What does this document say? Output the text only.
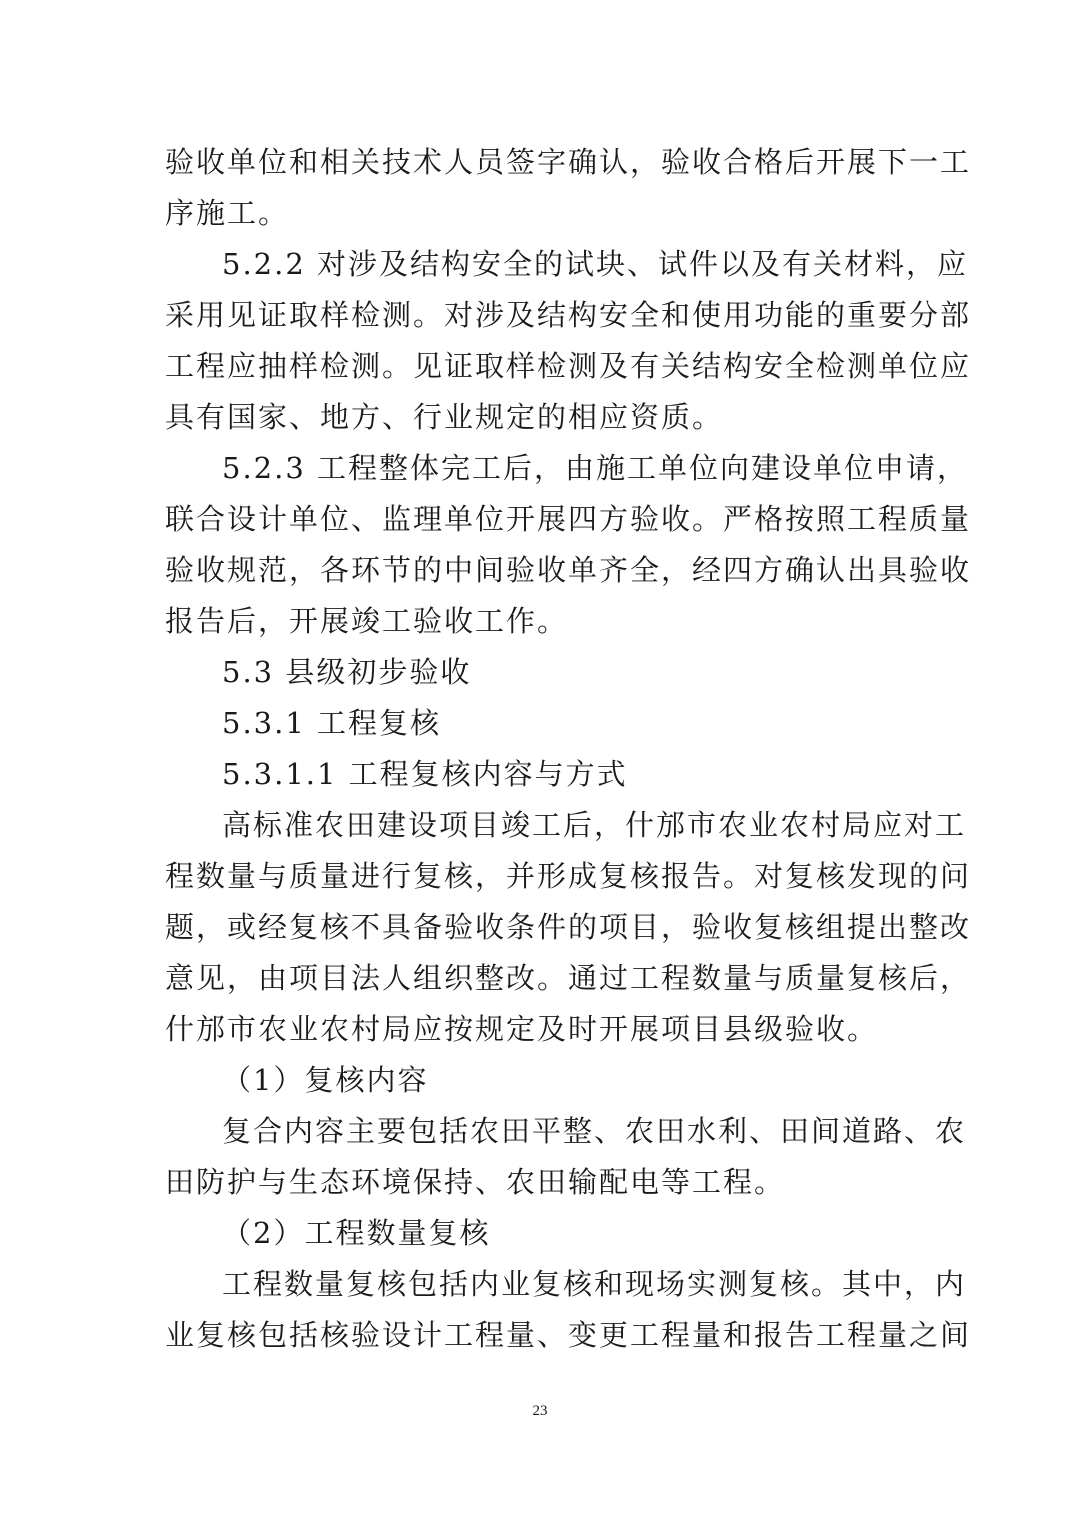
验收单位和相关技术人员签字确认，验收合格后开展下一工
序施工。
5.2.2 对涉及结构安全的试块、试件以及有关材料，应
采用见证取样检测。对涉及结构安全和使用功能的重要分部
工程应抽样检测。见证取样检测及有关结构安全检测单位应
具有国家、地方、行业规定的相应资质。
5.2.3 工程整体完工后，由施工单位向建设单位申请，
联合设计单位、监理单位开展四方验收。严格按照工程质量
验收规范，各环节的中间验收单齐全，经四方确认出具验收
报告后，开展竣工验收工作。
5.3 县级初步验收
5.3.1 工程复核
5.3.1.1 工程复核内容与方式
高标准农田建设项目竣工后，什邡市农业农村局应对工
程数量与质量进行复核，并形成复核报告。对复核发现的问
题，或经复核不具备验收条件的项目，验收复核组提出整改
意见，由项目法人组织整改。通过工程数量与质量复核后，
什邡市农业农村局应按规定及时开展项目县级验收。
（1）复核内容
复合内容主要包括农田平整、农田水利、田间道路、农
田防护与生态环境保持、农田输配电等工程。
（2）工程数量复核
工程数量复核包括内业复核和现场实测复核。其中，内
业复核包括核验设计工程量、变更工程量和报告工程量之间
23
